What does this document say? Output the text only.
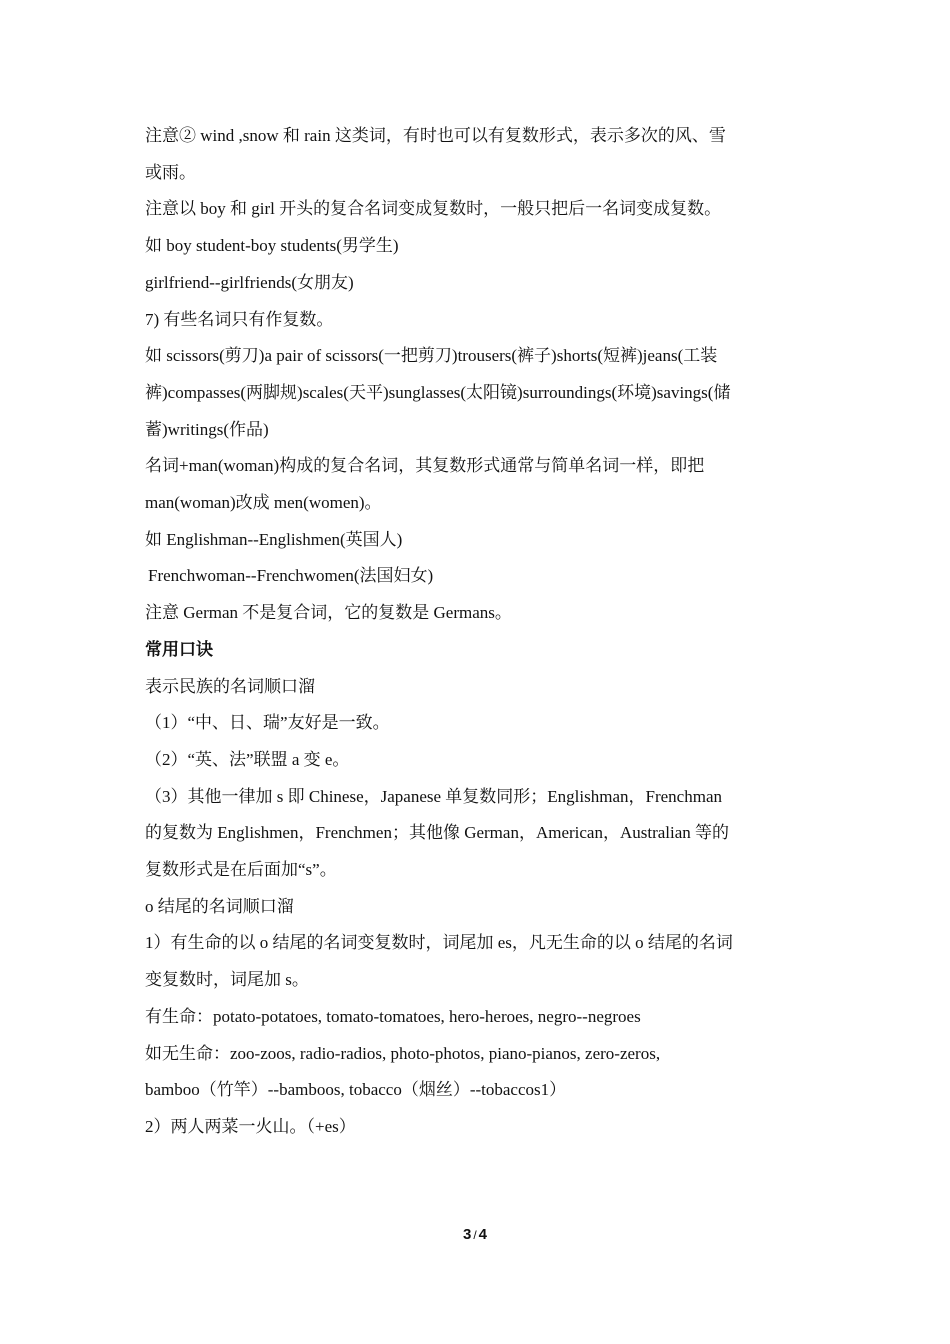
注意② wind ,snow 和 rain 这类词，有时也可以有复数形式，表示多次的风、雪

或雨。

注意以 boy 和 girl 开头的复合名词变成复数时，一般只把后一名词变成复数。

如 boy student-boy students(男学生)

girlfriend--girlfriends(女朋友)

7) 有些名词只有作复数。

如 scissors(剪刀)a pair of scissors(一把剪刀)trousers(裤子)shorts(短裤)jeans(工装

裤)compasses(两脚规)scales(天平)sunglasses(太阳镜)surroundings(环境)savings(储

蓄)writings(作品)

名词+man(woman)构成的复合名词，其复数形式通常与简单名词一样，即把

man(woman)改成 men(women)。

如 Englishman--Englishmen(英国人)

Frenchwoman--Frenchwomen(法国妇女)

注意 German 不是复合词，它的复数是 Germans。

常用口诀

表示民族的名词顺口溜

（1）“中、日、瑞”友好是一致。

（2）“英、法”联盟 a 变 e。

（3）其他一律加 s 即 Chinese，Japanese 单复数同形；Englishman，Frenchman

的复数为 Englishmen，Frenchmen；其他像 German，American，Australian 等的

复数形式是在后面加“s”。

o 结尾的名词顺口溜

1）有生命的以 o 结尾的名词变复数时，词尾加 es，凡无生命的以 o 结尾的名词

变复数时，词尾加 s。

有生命：potato-potatoes, tomato-tomatoes, hero-heroes, negro--negroes

如无生命：zoo-zoos, radio-radios, photo-photos, piano-pianos, zero-zeros,

bamboo（竹竿）--bamboos, tobacco（烟丝）--tobaccos1）

2）两人两菜一火山。（+es）

3 / 4
